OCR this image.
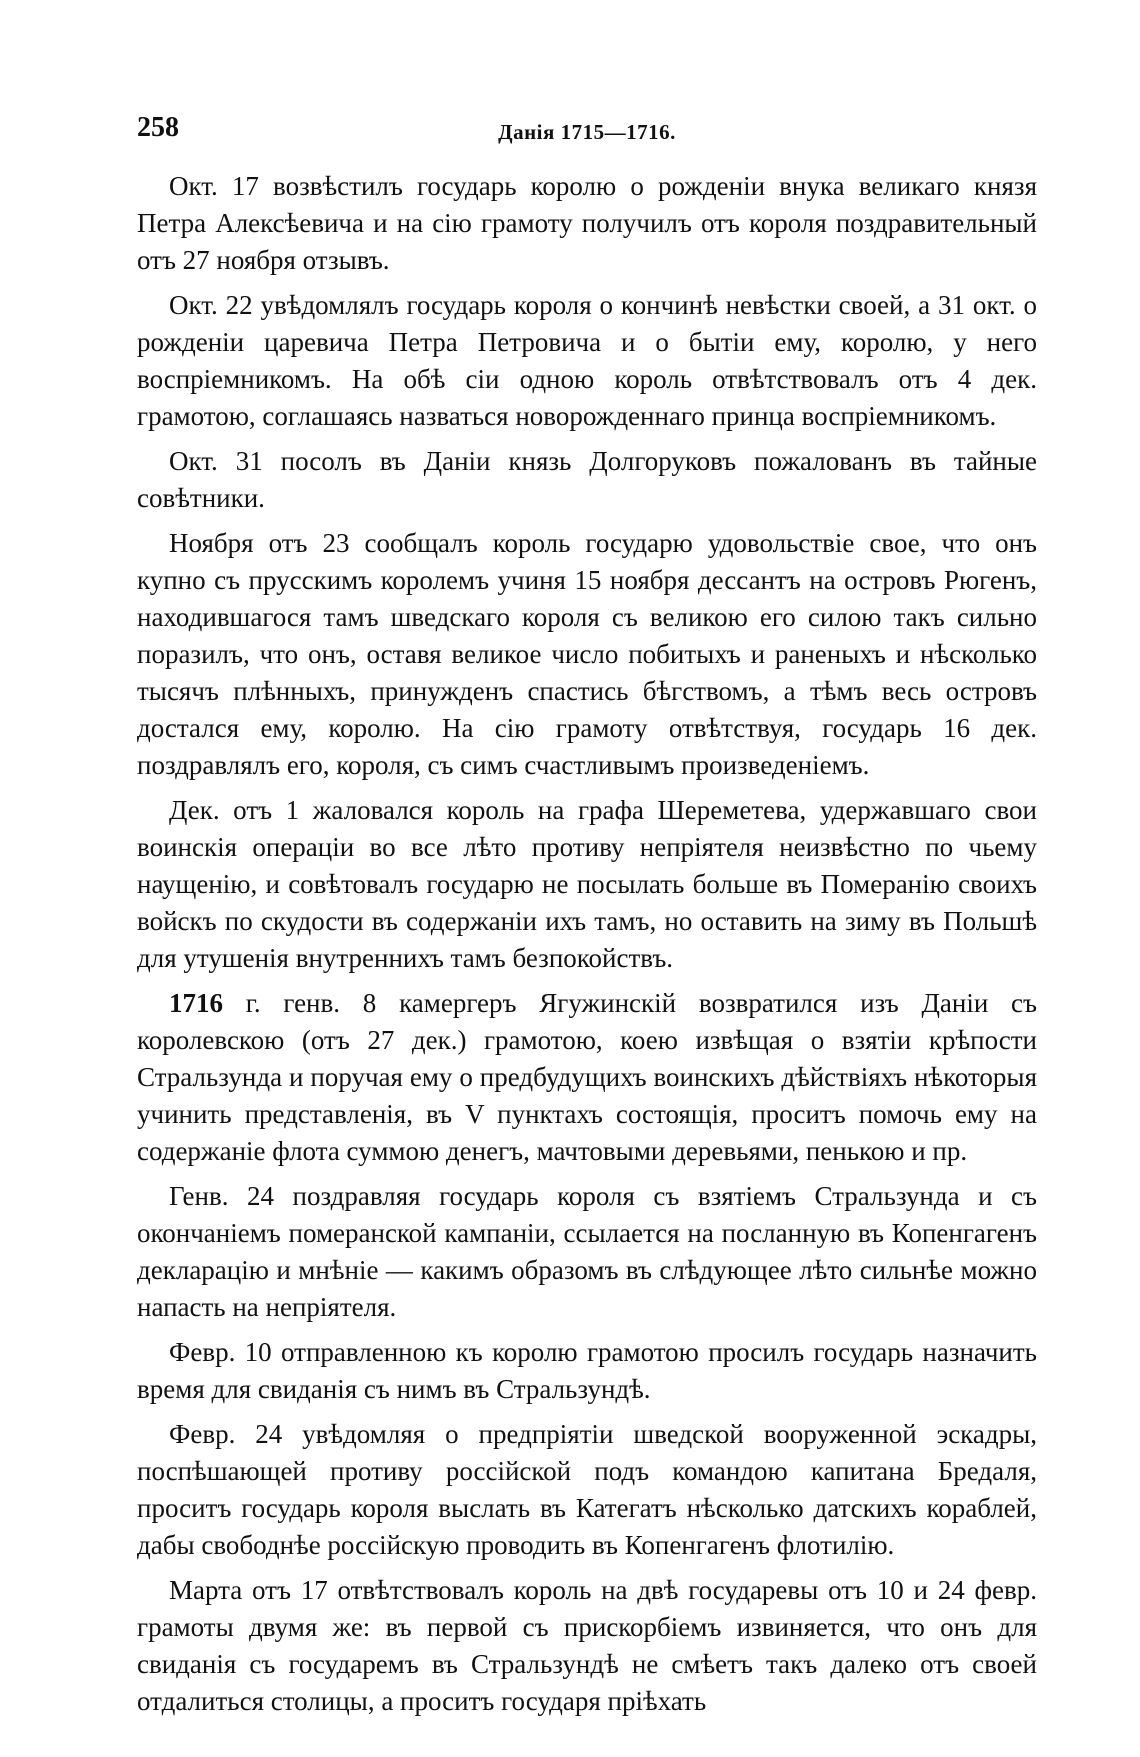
258	Данія 1715—1716.

Окт. 17 возвѣстилъ государь королю о рожденіи внука великаго князя Петра Алексѣевича и на сію грамоту получилъ отъ короля поздравительный отъ 27 ноября отзывъ.

Окт. 22 увѣдомлялъ государь короля о кончинѣ невѣстки своей, а 31 окт. о рожденіи царевича Петра Петровича и о бытіи ему, королю, у него воспріемникомъ. На обѣ сіи одною король отвѣтствовалъ отъ 4 дек. грамотою, соглашаясь назваться новорожденнаго принца воспріемникомъ.

Окт. 31 посолъ въ Даніи князь Долгоруковъ пожалованъ въ тайные совѣтники.

Ноября отъ 23 сообщалъ король государю удовольствіе свое, что онъ купно съ прусскимъ королемъ учиня 15 ноября дессантъ на островъ Рюгенъ, находившагося тамъ шведскаго короля съ великою его силою такъ сильно поразилъ, что онъ, оставя великое число побитыхъ и раненыхъ и нѣсколько тысячъ плѣнныхъ, принужденъ спастись бѣгствомъ, а тѣмъ весь островъ достался ему, королю. На сію грамоту отвѣтствуя, государь 16 дек. поздравлялъ его, короля, съ симъ счастливымъ произведеніемъ.

Дек. отъ 1 жаловался король на графа Шереметева, удержавшаго свои воинскія операціи во все лѣто противу непріятеля неизвѣстно по чьему наущенію, и совѣтовалъ государю не посылать больше въ Померанію своихъ войскъ по скудости въ содержаніи ихъ тамъ, но оставить на зиму въ Польшѣ для утушенія внутреннихъ тамъ безпокойствъ.

1716 г. генв. 8 камергеръ Ягужинскій возвратился изъ Даніи съ королевскою (отъ 27 дек.) грамотою, коею извѣщая о взятіи крѣпости Стральзунда и поручая ему о предбудущихъ воинскихъ дѣйствіяхъ нѣкоторыя учинить представленія, въ V пунктахъ состоящія, проситъ помочь ему на содержаніе флота суммою денегъ, мачтовыми деревьями, пенькою и пр.

Генв. 24 поздравляя государь короля съ взятіемъ Стральзунда и съ окончаніемъ померанской кампаніи, ссылается на посланную въ Копенгагенъ декларацію и мнѣніе — какимъ образомъ въ слѣдующее лѣто сильнѣе можно напасть на непріятеля.

Февр. 10 отправленною къ королю грамотою просилъ государь назначить время для свиданія съ нимъ въ Стральзундѣ.

Февр. 24 увѣдомляя о предпріятіи шведской вооруженной эскадры, поспѣшающей противу россійской подъ командою капитана Бредаля, проситъ государь короля выслать въ Категатъ нѣсколько датскихъ кораблей, дабы свободнѣе россійскую проводить въ Копенгагенъ флотилію.

Марта отъ 17 отвѣтствовалъ король на двѣ государевы отъ 10 и 24 февр. грамоты двумя же: въ первой съ прискорбіемъ извиняется, что онъ для свиданія съ государемъ въ Стральзундѣ не смѣетъ такъ далеко отъ своей отдалиться столицы, а проситъ государя пріѣхать
